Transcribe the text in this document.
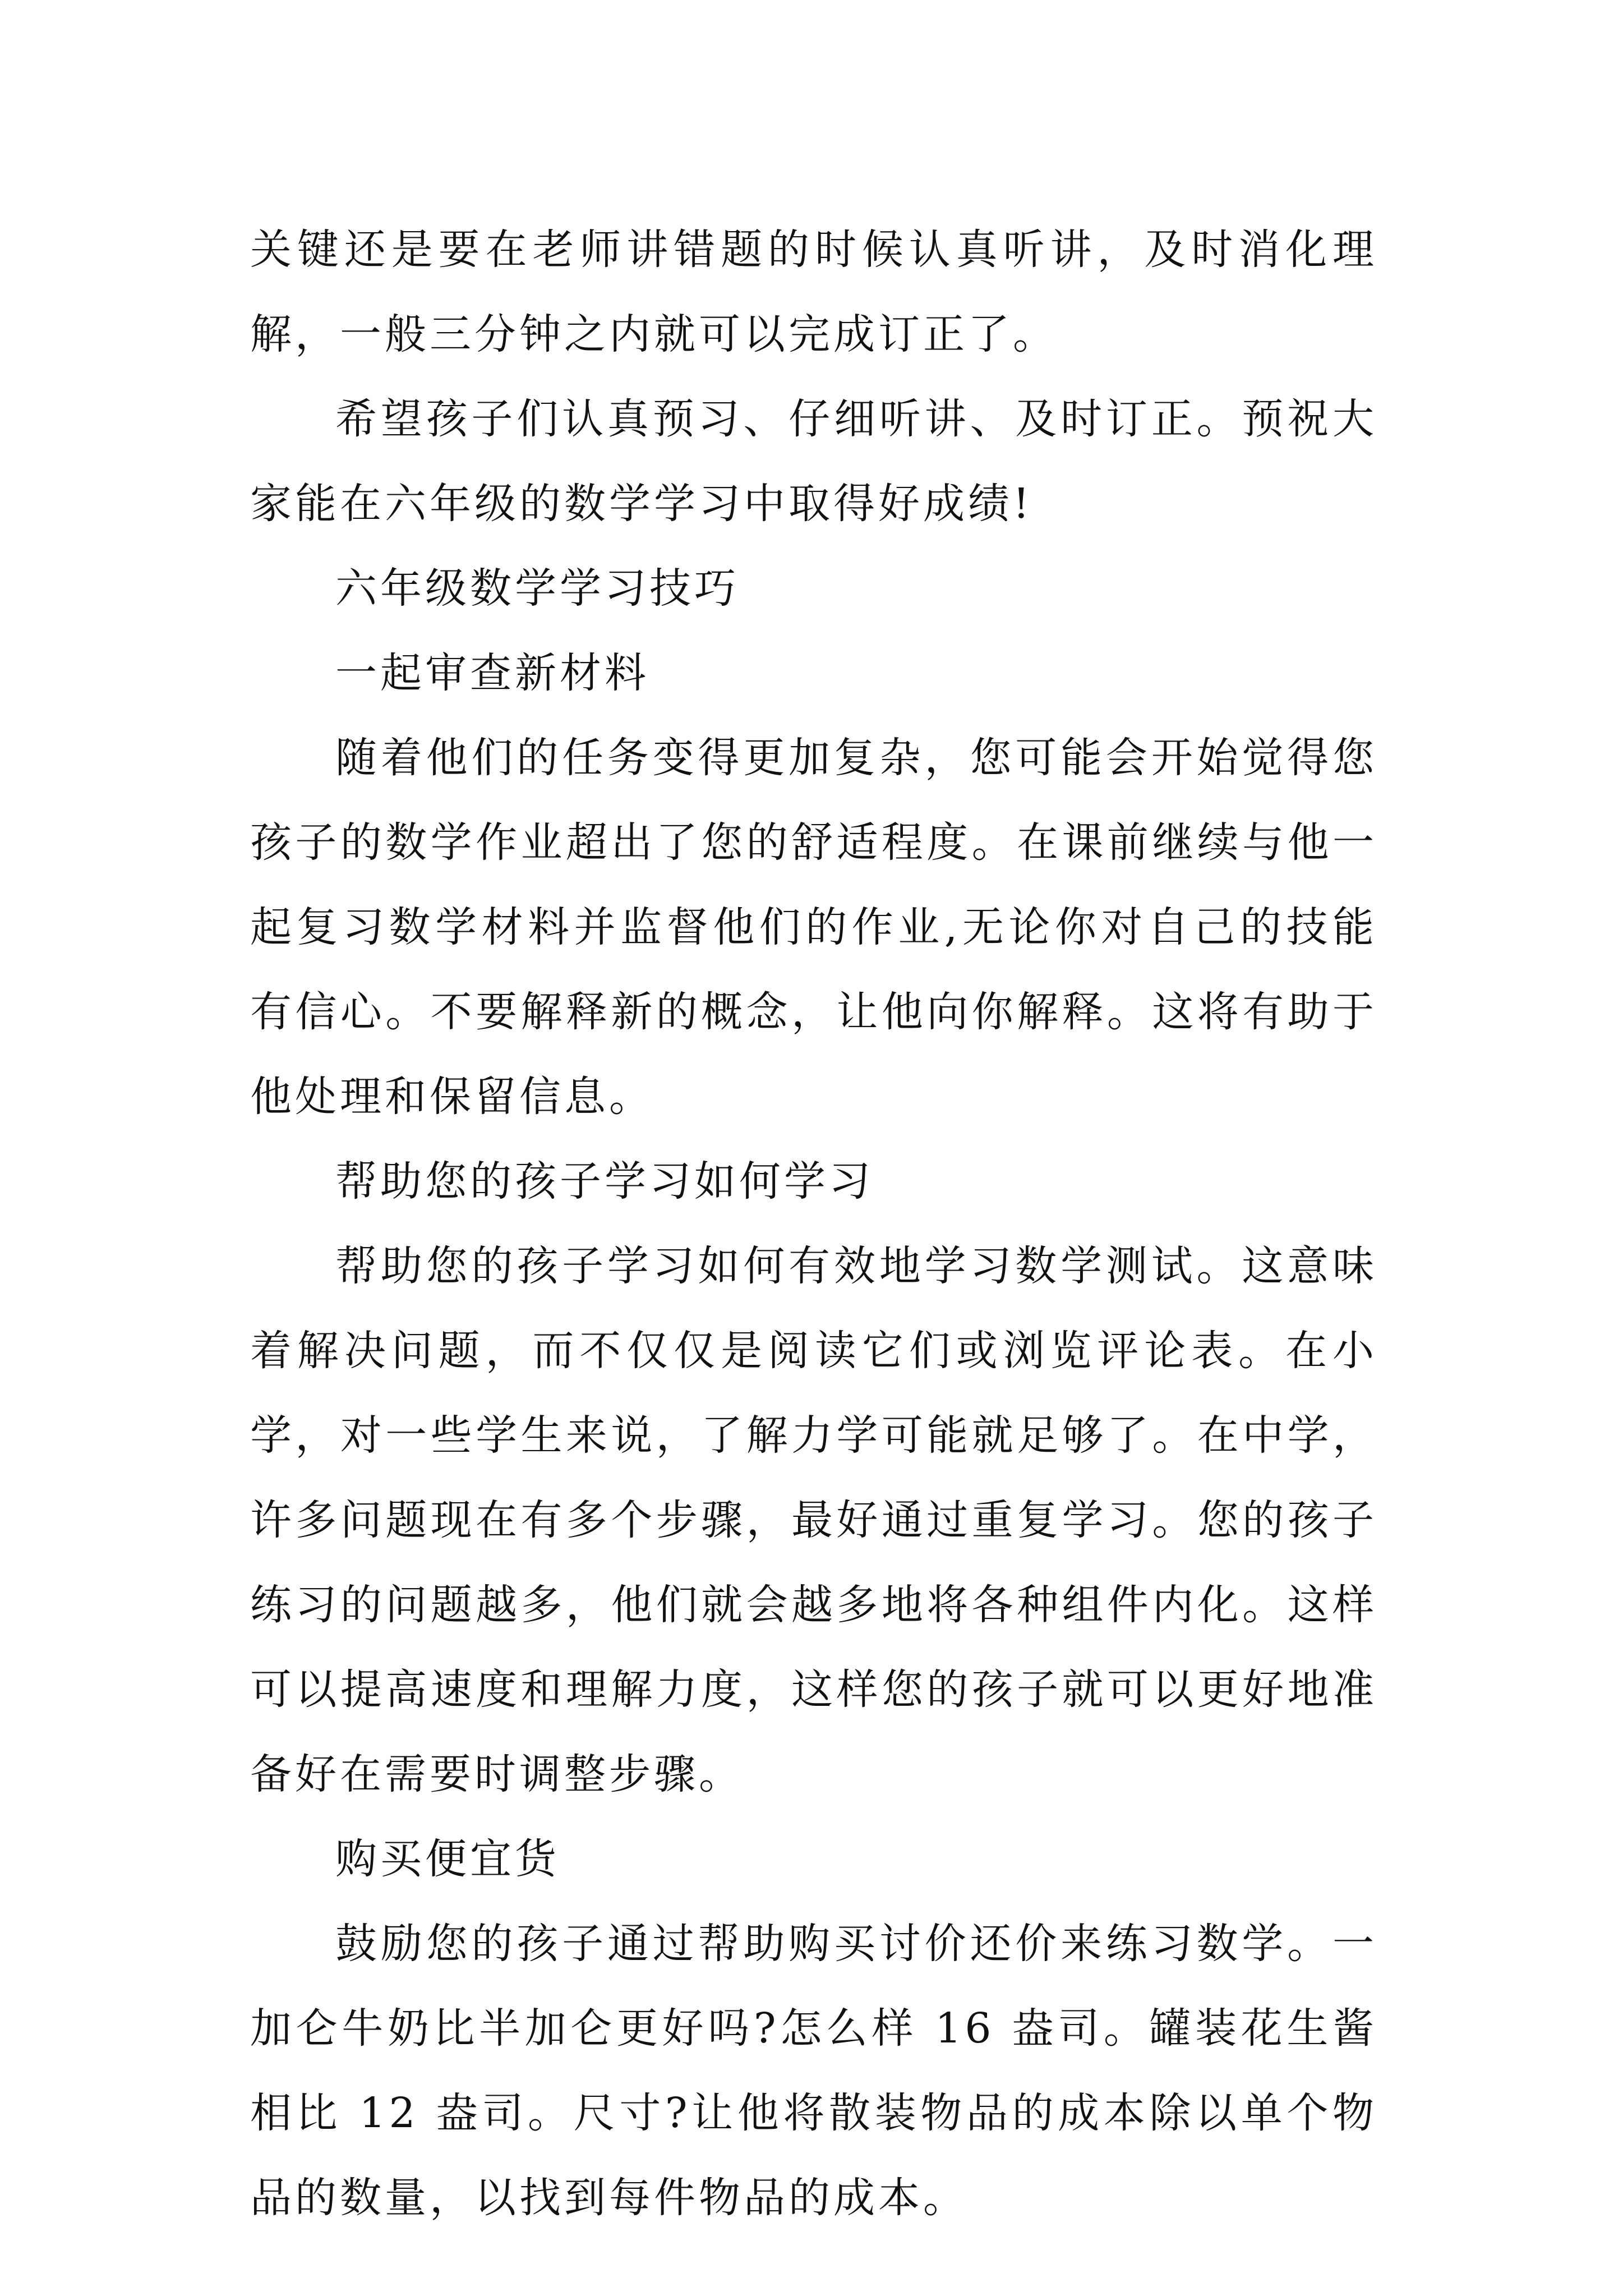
关键还是要在老师讲错题的时候认真听讲，及时消化理解，一般三分钟之内就可以完成订正了。

希望孩子们认真预习、仔细听讲、及时订正。预祝大家能在六年级的数学学习中取得好成绩!

六年级数学学习技巧

一起审查新材料

随着他们的任务变得更加复杂，您可能会开始觉得您孩子的数学作业超出了您的舒适程度。在课前继续与他一起复习数学材料并监督他们的作业,无论你对自己的技能有信心。不要解释新的概念，让他向你解释。这将有助于他处理和保留信息。

帮助您的孩子学习如何学习

帮助您的孩子学习如何有效地学习数学测试。这意味着解决问题，而不仅仅是阅读它们或浏览评论表。在小学，对一些学生来说，了解力学可能就足够了。在中学，许多问题现在有多个步骤，最好通过重复学习。您的孩子练习的问题越多，他们就会越多地将各种组件内化。这样可以提高速度和理解力度，这样您的孩子就可以更好地准备好在需要时调整步骤。

购买便宜货

鼓励您的孩子通过帮助购买讨价还价来练习数学。一加仑牛奶比半加仑更好吗?怎么样 16 盎司。罐装花生酱相比 12 盎司。尺寸?让他将散装物品的成本除以单个物品的数量，以找到每件物品的成本。
